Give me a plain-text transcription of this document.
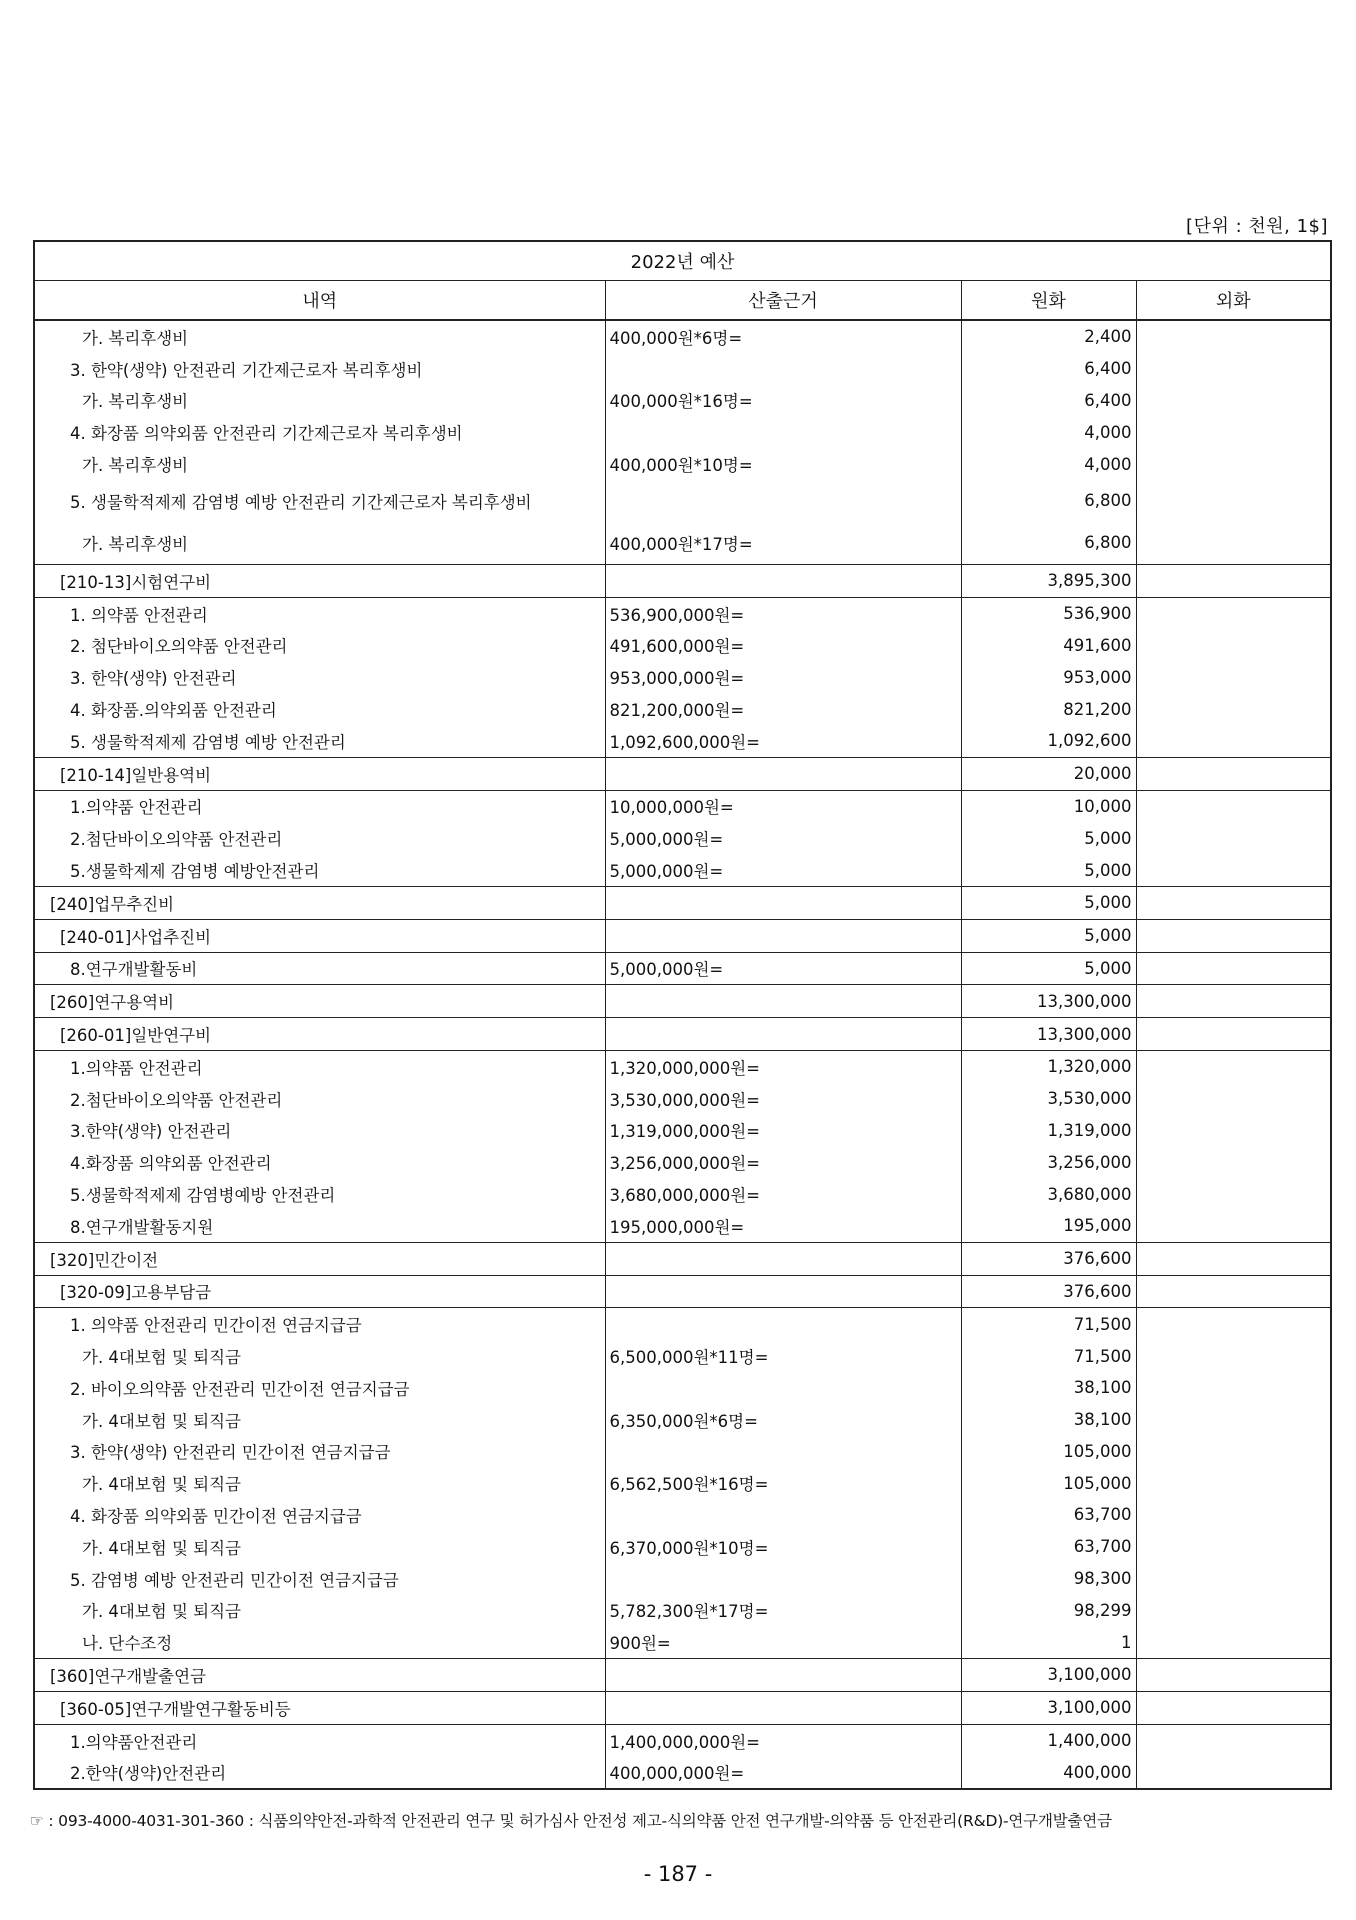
[단위 : 천원, 1$]
2022년 예산			
내역	산출근거	원화	외화
가. 복리후생비	400,000원*6명=	2,400	
3. 한약(생약) 안전관리 기간제근로자 복리후생비		6,400	
가. 복리후생비	400,000원*16명=	6,400	
4. 화장품 의약외품 안전관리 기간제근로자 복리후생비		4,000	
가. 복리후생비	400,000원*10명=	4,000	
5. 생물학적제제 감염병 예방 안전관리 기간제근로자 복리후생비		6,800	
가. 복리후생비	400,000원*17명=	6,800	
[210-13]시험연구비		3,895,300	
1. 의약품 안전관리	536,900,000원=	536,900	
2. 첨단바이오의약품 안전관리	491,600,000원=	491,600	
3. 한약(생약) 안전관리	953,000,000원=	953,000	
4. 화장품.의약외품 안전관리	821,200,000원=	821,200	
5. 생물학적제제 감염병 예방 안전관리	1,092,600,000원=	1,092,600	
[210-14]일반용역비		20,000	
1.의약품 안전관리	10,000,000원=	10,000	
2.첨단바이오의약품 안전관리	5,000,000원=	5,000	
5.생물학제제 감염병 예방안전관리	5,000,000원=	5,000	
[240]업무추진비		5,000	
[240-01]사업추진비		5,000	
8.연구개발활동비	5,000,000원=	5,000	
[260]연구용역비		13,300,000	
[260-01]일반연구비		13,300,000	
1.의약품 안전관리	1,320,000,000원=	1,320,000	
2.첨단바이오의약품 안전관리	3,530,000,000원=	3,530,000	
3.한약(생약) 안전관리	1,319,000,000원=	1,319,000	
4.화장품 의약외품 안전관리	3,256,000,000원=	3,256,000	
5.생물학적제제 감염병예방 안전관리	3,680,000,000원=	3,680,000	
8.연구개발활동지원	195,000,000원=	195,000	
[320]민간이전		376,600	
[320-09]고용부담금		376,600	
1. 의약품 안전관리 민간이전 연금지급금		71,500	
가. 4대보험 및 퇴직금	6,500,000원*11명=	71,500	
2. 바이오의약품 안전관리 민간이전 연금지급금		38,100	
가. 4대보험 및 퇴직금	6,350,000원*6명=	38,100	
3. 한약(생약) 안전관리 민간이전 연금지급금		105,000	
가. 4대보험 및 퇴직금	6,562,500원*16명=	105,000	
4. 화장품 의약외품 민간이전 연금지급금		63,700	
가. 4대보험 및 퇴직금	6,370,000원*10명=	63,700	
5. 감염병 예방 안전관리 민간이전 연금지급금		98,300	
가. 4대보험 및 퇴직금	5,782,300원*17명=	98,299	
나. 단수조정	900원=	1	
[360]연구개발출연금		3,100,000	
[360-05]연구개발연구활동비등		3,100,000	
1.의약품안전관리	1,400,000,000원=	1,400,000	
2.한약(생약)안전관리	400,000,000원=	400,000	
☞ : 093-4000-4031-301-360 : 식품의약안전-과학적 안전관리 연구 및 허가심사 안전성 제고-식의약품 안전 연구개발-의약품 등 안전관리(R&D)-연구개발출연금
- 187 -
